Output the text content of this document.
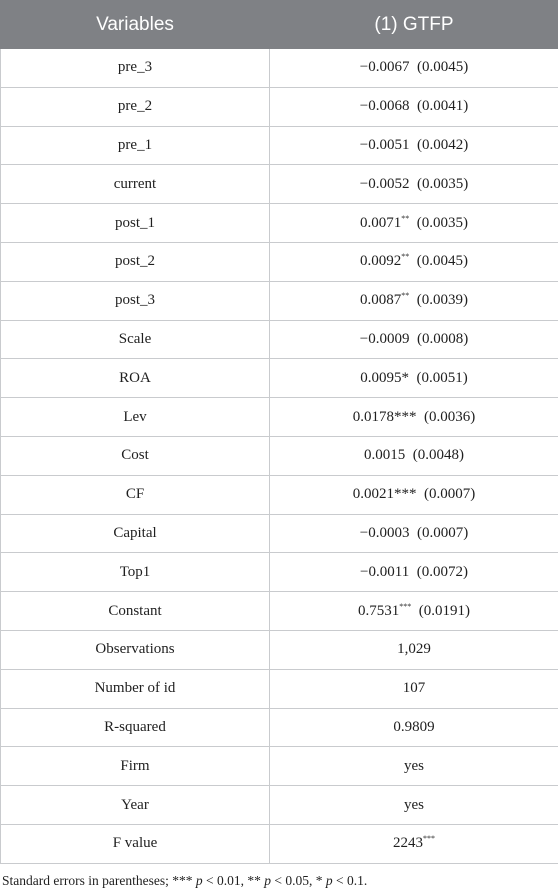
Variables	(1) GTFP
pre_3	−0.0067 (0.0045)
pre_2	−0.0068 (0.0041)
pre_1	−0.0051 (0.0042)
current	−0.0052 (0.0035)
post_1	0.0071** (0.0035)
post_2	0.0092** (0.0045)
post_3	0.0087** (0.0039)
Scale	−0.0009 (0.0008)
ROA	0.0095* (0.0051)
Lev	0.0178*** (0.0036)
Cost	0.0015 (0.0048)
CF	0.0021*** (0.0007)
Capital	−0.0003 (0.0007)
Top1	−0.0011 (0.0072)
Constant	0.7531*** (0.0191)
Observations	1,029
Number of id	107
R-squared	0.9809
Firm	yes
Year	yes
F value	2243***
Standard errors in parentheses; *** p < 0.01, ** p < 0.05, * p < 0.1.
